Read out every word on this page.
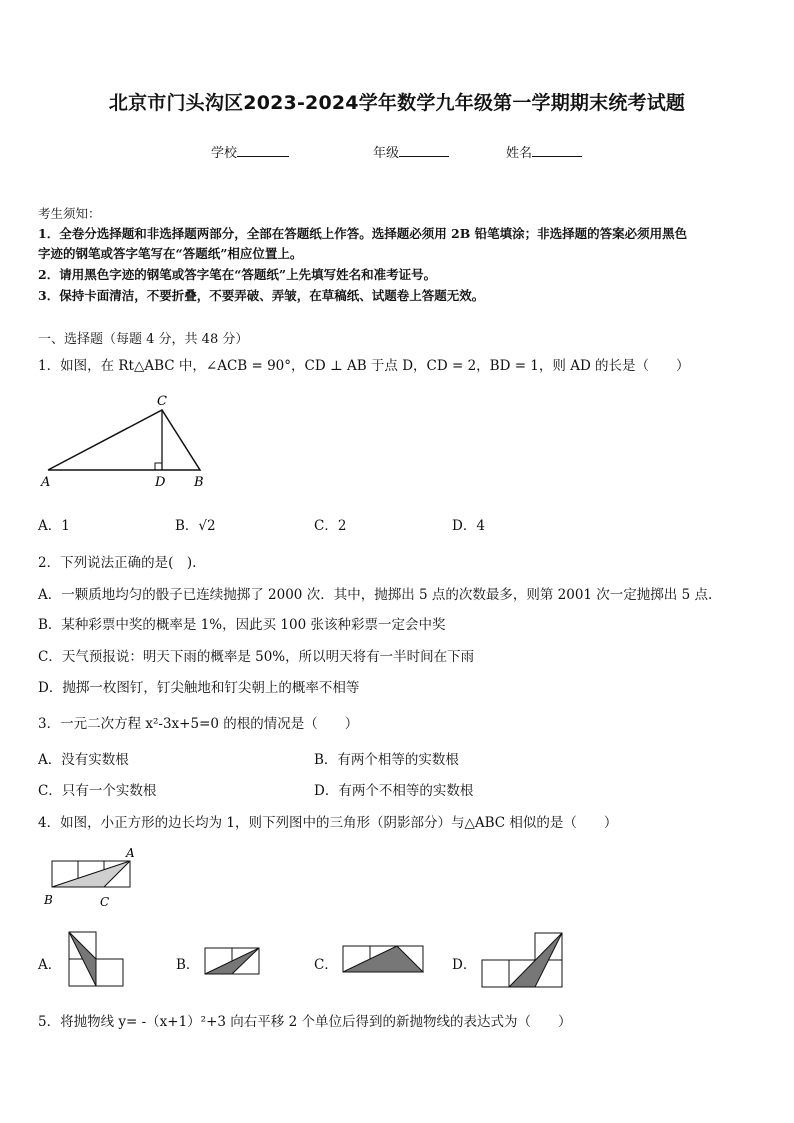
北京市门头沟区2023-2024学年数学九年级第一学期期末统考试题
学校	年级	姓名
考生须知：
1．全卷分选择题和非选择题两部分，全部在答题纸上作答。选择题必须用 2B 铅笔填涂；非选择题的答案必须用黑色
字迹的钢笔或答字笔写在“答题纸”相应位置上。
2．请用黑色字迹的钢笔或答字笔在“答题纸”上先填写姓名和准考证号。
3．保持卡面清洁，不要折叠，不要弄破、弄皱，在草稿纸、试题卷上答题无效。
一、选择题（每题 4 分，共 48 分）
1．如图，在 Rt△ABC 中，∠ACB = 90°，CD ⊥ AB 于点 D，CD = 2，BD = 1，则 AD 的长是（　　）
A	D B
C
A．1	B．√2	C．2	D．4
2．下列说法正确的是(　).
A．一颗质地均匀的骰子已连续抛掷了 2000 次．其中，抛掷出 5 点的次数最多，则第 2001 次一定抛掷出 5 点.
B．某种彩票中奖的概率是 1%，因此买 100 张该种彩票一定会中奖
C．天气预报说：明天下雨的概率是 50%，所以明天将有一半时间在下雨
D．抛掷一枚图钉，钉尖触地和钉尖朝上的概率不相等
3．一元二次方程 x²-3x+5=0 的根的情况是（　　）
A．没有实数根	B．有两个相等的实数根
C．只有一个实数根	D．有两个不相等的实数根
4．如图，小正方形的边长均为 1，则下列图中的三角形（阴影部分）与△ABC 相似的是（　　）
A
B	C
A．	B．	C．	D．
5．将抛物线 y= -（x+1）²+3 向右平移 2 个单位后得到的新抛物线的表达式为（　　）
